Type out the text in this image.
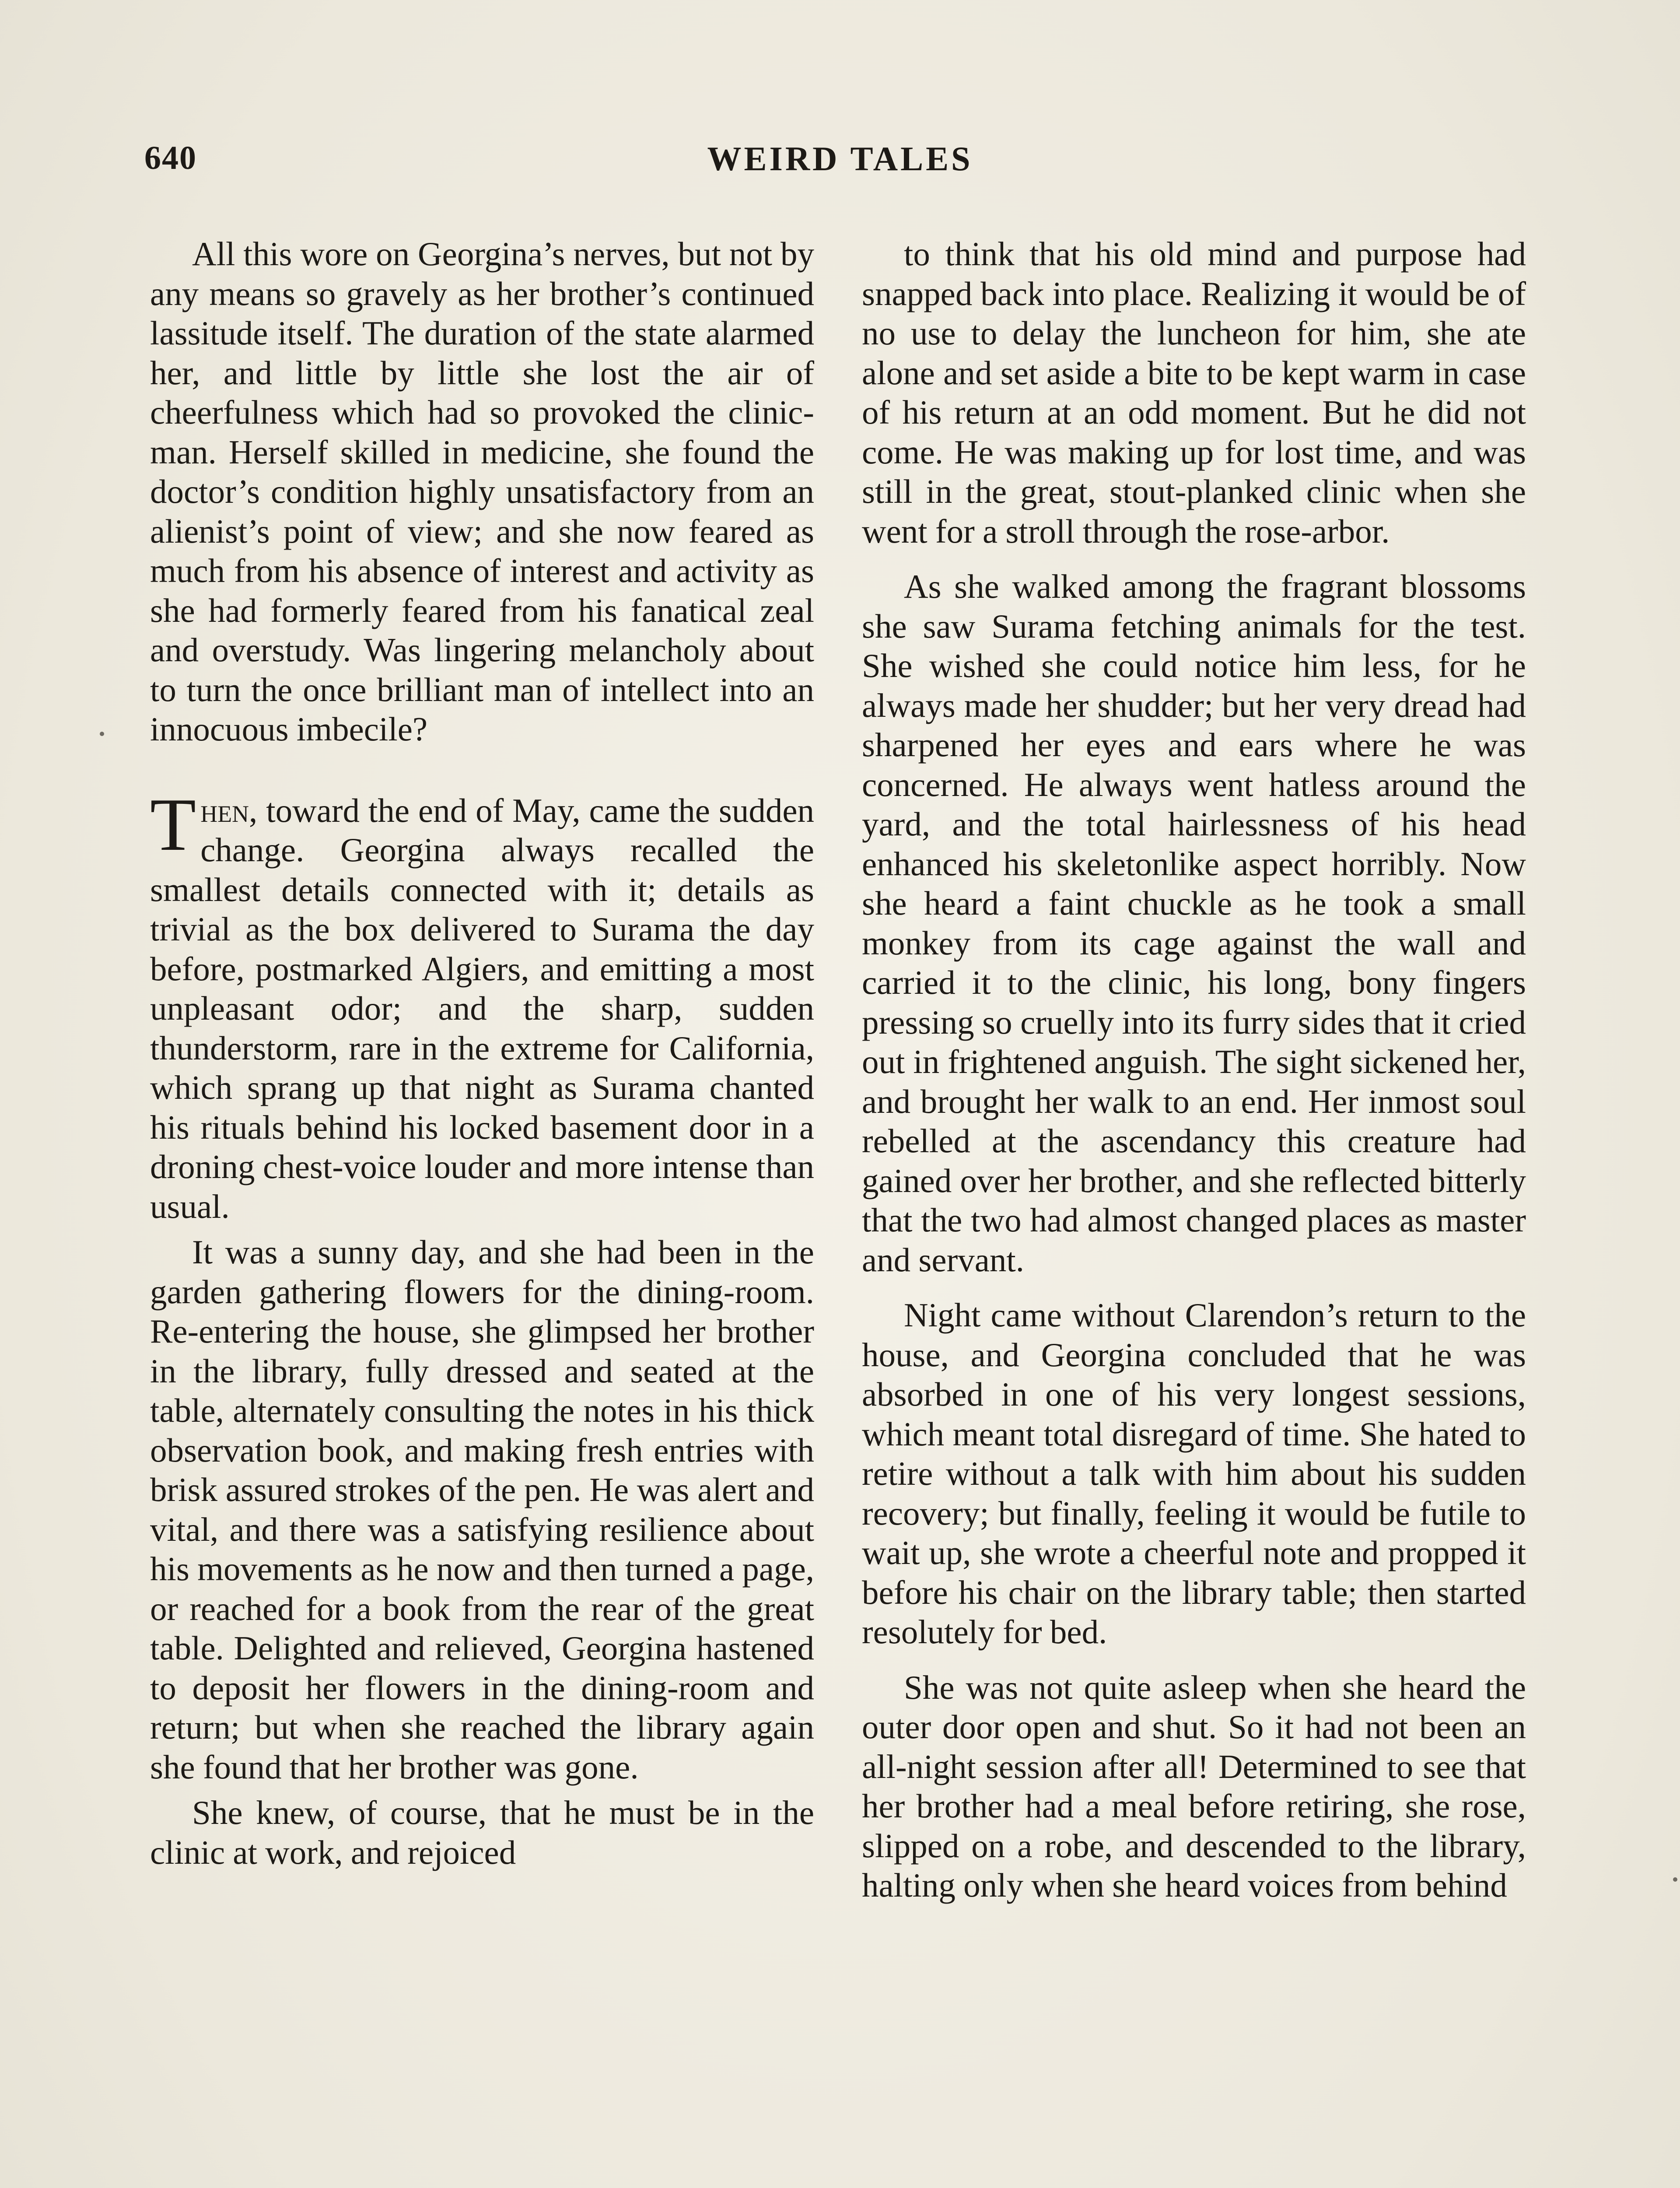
640	WEIRD TALES

All this wore on Georgina’s nerves, but not by any means so gravely as her brother’s continued lassitude itself. The duration of the state alarmed her, and little by little she lost the air of cheerfulness which had so provoked the clinic-man. Herself skilled in medicine, she found the doctor’s condition highly unsatisfactory from an alienist’s point of view; and she now feared as much from his absence of interest and activity as she had formerly feared from his fanatical zeal and overstudy. Was lingering melancholy about to turn the once brilliant man of intellect into an innocuous imbecile?

Then, toward the end of May, came the sudden change. Georgina always recalled the smallest details connected with it; details as trivial as the box delivered to Surama the day before, postmarked Algiers, and emitting a most unpleasant odor; and the sharp, sudden thunderstorm, rare in the extreme for California, which sprang up that night as Surama chanted his rituals behind his locked basement door in a droning chest-voice louder and more intense than usual.

It was a sunny day, and she had been in the garden gathering flowers for the dining-room. Re-entering the house, she glimpsed her brother in the library, fully dressed and seated at the table, alternately consulting the notes in his thick observation book, and making fresh entries with brisk assured strokes of the pen. He was alert and vital, and there was a satisfying resilience about his movements as he now and then turned a page, or reached for a book from the rear of the great table. Delighted and relieved, Georgina hastened to deposit her flowers in the dining-room and return; but when she reached the library again she found that her brother was gone.

She knew, of course, that he must be in the clinic at work, and rejoiced

to think that his old mind and purpose had snapped back into place. Realizing it would be of no use to delay the luncheon for him, she ate alone and set aside a bite to be kept warm in case of his return at an odd moment. But he did not come. He was making up for lost time, and was still in the great, stout-planked clinic when she went for a stroll through the rose-arbor.

As she walked among the fragrant blossoms she saw Surama fetching animals for the test. She wished she could notice him less, for he always made her shudder; but her very dread had sharpened her eyes and ears where he was concerned. He always went hatless around the yard, and the total hairlessness of his head enhanced his skeletonlike aspect horribly. Now she heard a faint chuckle as he took a small monkey from its cage against the wall and carried it to the clinic, his long, bony fingers pressing so cruelly into its furry sides that it cried out in frightened anguish. The sight sickened her, and brought her walk to an end. Her inmost soul rebelled at the ascendancy this creature had gained over her brother, and she reflected bitterly that the two had almost changed places as master and servant.

Night came without Clarendon’s return to the house, and Georgina concluded that he was absorbed in one of his very longest sessions, which meant total disregard of time. She hated to retire without a talk with him about his sudden recovery; but finally, feeling it would be futile to wait up, she wrote a cheerful note and propped it before his chair on the library table; then started resolutely for bed.

She was not quite asleep when she heard the outer door open and shut. So it had not been an all-night session after all! Determined to see that her brother had a meal before retiring, she rose, slipped on a robe, and descended to the library, halting only when she heard voices from behind
